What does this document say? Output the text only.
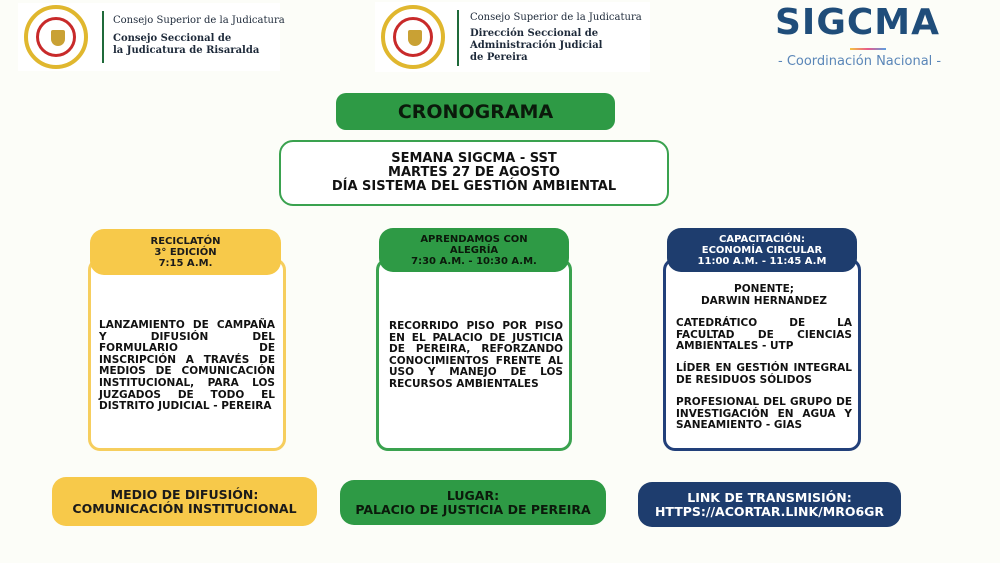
Consejo Superior de la Judicatura
Consejo Seccional de
la Judicatura de Risaralda
Consejo Superior de la Judicatura
Dirección Seccional de
Administración Judicial
de Pereira
SIGCMA
- Coordinación Nacional -
CRONOGRAMA
SEMANA SIGCMA - SST
MARTES 27 DE AGOSTO
DÍA SISTEMA DEL GESTIÓN AMBIENTAL
RECICLATÓN
3° EDICIÓN
7:15 A.M.
LANZAMIENTO DE CAMPAÑA Y DIFUSIÓN DEL FORMULARIO DE INSCRIPCIÓN A TRAVÉS DE MEDIOS DE COMUNICACIÓN INSTITUCIONAL, PARA LOS JUZGADOS DE TODO EL DISTRITO JUDICIAL - PEREIRA
APRENDAMOS CON
ALEGRÍA
7:30 A.M. - 10:30 A.M.
RECORRIDO PISO POR PISO EN EL PALACIO DE JUSTICIA DE PEREIRA, REFORZANDO CONOCIMIENTOS FRENTE AL USO Y MANEJO DE LOS RECURSOS AMBIENTALES
CAPACITACIÓN:
ECONOMÍA CIRCULAR
11:00 A.M. - 11:45 A.M
PONENTE;
DARWIN HERNANDEZ
CATEDRÁTICO DE LA FACULTAD DE CIENCIAS AMBIENTALES - UTP
LÍDER EN GESTIÓN INTEGRAL DE RESIDUOS SÓLIDOS
PROFESIONAL DEL GRUPO DE INVESTIGACIÓN EN AGUA Y SANEAMIENTO - GIAS
MEDIO DE DIFUSIÓN:
COMUNICACIÓN INSTITUCIONAL
LUGAR:
PALACIO DE JUSTICIA DE PEREIRA
LINK DE TRANSMISIÓN:
HTTPS://ACORTAR.LINK/MRO6GR
